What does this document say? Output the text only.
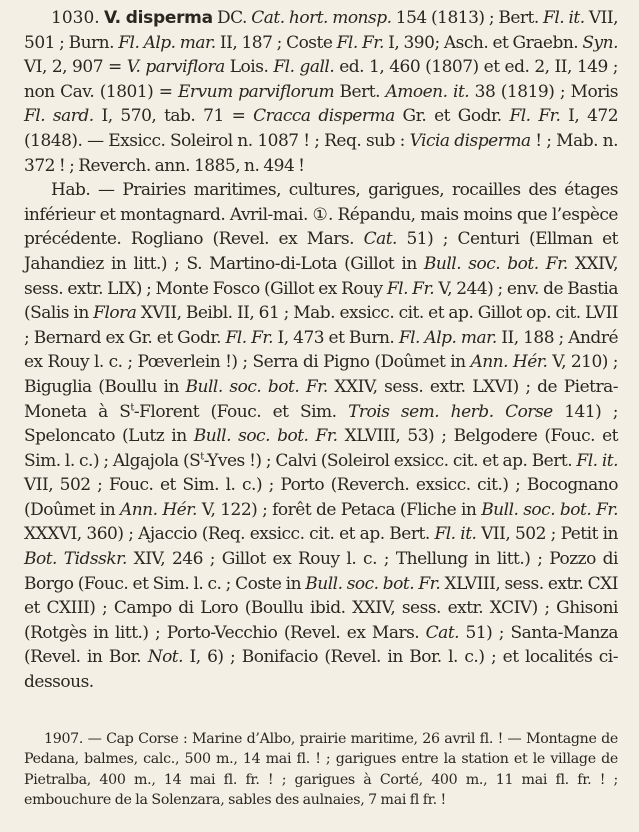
1030. V. disperma DC. Cat. hort. monsp. 154 (1813) ; Bert. Fl. it. VII, 501 ; Burn. Fl. Alp. mar. II, 187 ; Coste Fl. Fr. I, 390; Asch. et Graebn. Syn. VI, 2, 907 = V. parviflora Lois. Fl. gall. ed. 1, 460 (1807) et ed. 2, II, 149 ; non Cav. (1801) = Ervum parviflorum Bert. Amoen. it. 38 (1819) ; Moris Fl. sard. I, 570, tab. 71 = Cracca disperma Gr. et Godr. Fl. Fr. I, 472 (1848). — Exsicc. Soleirol n. 1087 ! ; Req. sub : Vicia disperma ! ; Mab. n. 372 ! ; Reverch. ann. 1885, n. 494 !

Hab. — Prairies maritimes, cultures, garigues, rocailles des étages inférieur et montagnard. Avril-mai. ①. Répandu, mais moins que l’espèce précédente. Rogliano (Revel. ex Mars. Cat. 51) ; Centuri (Ellman et Jahandiez in litt.) ; S. Martino-di-Lota (Gillot in Bull. soc. bot. Fr. XXIV, sess. extr. LIX) ; Monte Fosco (Gillot ex Rouy Fl. Fr. V, 244) ; env. de Bastia (Salis in Flora XVII, Beibl. II, 61 ; Mab. exsicc. cit. et ap. Gillot op. cit. LVII ; Bernard ex Gr. et Godr. Fl. Fr. I, 473 et Burn. Fl. Alp. mar. II, 188 ; André ex Rouy l. c. ; Pœverlein !) ; Serra di Pigno (Doûmet in Ann. Hér. V, 210) ; Biguglia (Boullu in Bull. soc. bot. Fr. XXIV, sess. extr. LXVI) ; de Pietra-Moneta à $S^t$-Florent (Fouc. et Sim. Trois sem. herb. Corse 141) ; Speloncato (Lutz in Bull. soc. bot. Fr. XLVIII, 53) ; Belgodere (Fouc. et Sim. l. c.) ; Algajola ($S^t$-Yves !) ; Calvi (Soleirol exsicc. cit. et ap. Bert. Fl. it. VII, 502 ; Fouc. et Sim. l. c.) ; Porto (Reverch. exsicc. cit.) ; Bocognano (Doûmet in Ann. Hér. V, 122) ; forêt de Petaca (Fliche in Bull. soc. bot. Fr. XXXVI, 360) ; Ajaccio (Req. exsicc. cit. et ap. Bert. Fl. it. VII, 502 ; Petit in Bot. Tidsskr. XIV, 246 ; Gillot ex Rouy l. c. ; Thellung in litt.) ; Pozzo di Borgo (Fouc. et Sim. l. c. ; Coste in Bull. soc. bot. Fr. XLVIII, sess. extr. CXI et CXIII) ; Campo di Loro (Boullu ibid. XXIV, sess. extr. XCIV) ; Ghisoni (Rotgès in litt.) ; Porto-Vecchio (Revel. ex Mars. Cat. 51) ; Santa-Manza (Revel. in Bor. Not. I, 6) ; Bonifacio (Revel. in Bor. l. c.) ; et localités ci-dessous.

1907. — Cap Corse : Marine d’Albo, prairie maritime, 26 avril fl. ! — Montagne de Pedana, balmes, calc., 500 m., 14 mai fl. ! ; garigues entre la station et le village de Pietralba, 400 m., 14 mai fl. fr. ! ; garigues à Corté, 400 m., 11 mai fl. fr. ! ; embouchure de la Solenzara, sables des aulnaies, 7 mai fl fr. !
